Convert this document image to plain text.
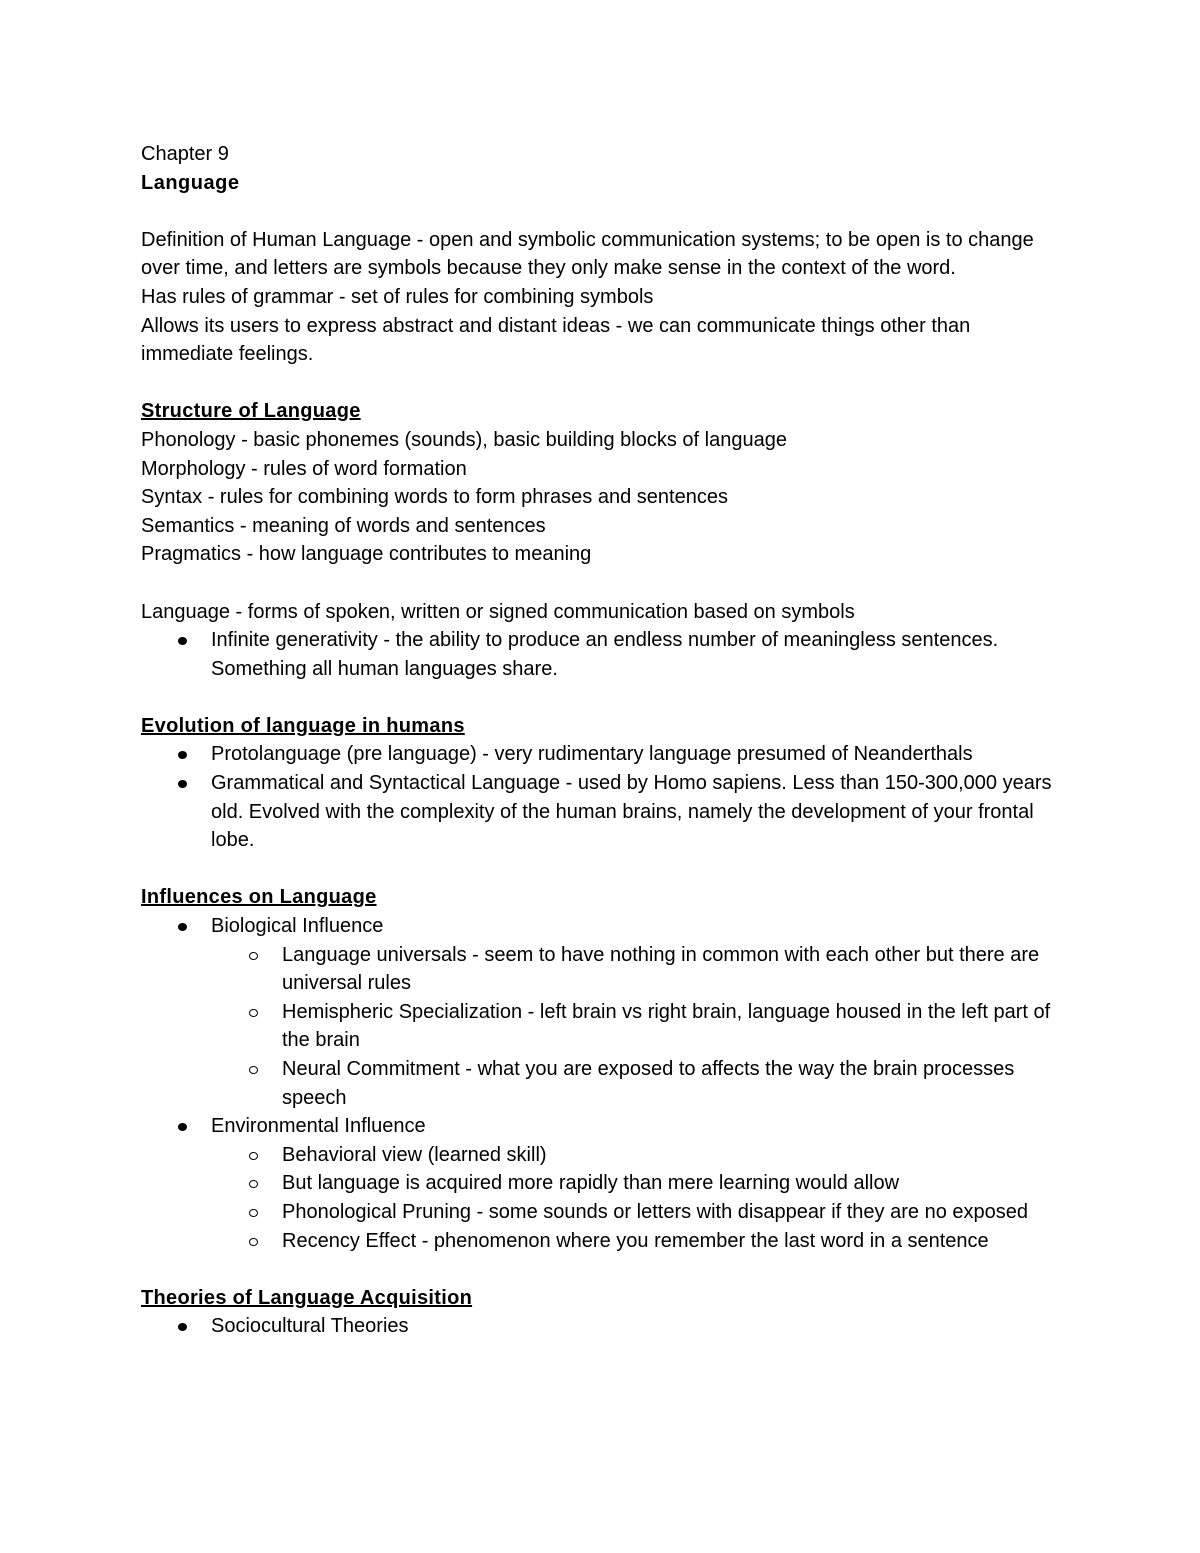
Chapter 9

Language

Definition of Human Language - open and symbolic communication systems; to be open is to change over time, and letters are symbols because they only make sense in the context of the word.

Has rules of grammar - set of rules for combining symbols

Allows its users to express abstract and distant ideas - we can communicate things other than immediate feelings.

Structure of Language

Phonology - basic phonemes (sounds), basic building blocks of language

Morphology - rules of word formation

Syntax - rules for combining words to form phrases and sentences

Semantics - meaning of words and sentences

Pragmatics - how language contributes to meaning

Language - forms of spoken, written or signed communication based on symbols

Infinite generativity - the ability to produce an endless number of meaningless sentences. Something all human languages share.

Evolution of language in humans

Protolanguage (pre language) - very rudimentary language presumed of Neanderthals
Grammatical and Syntactical Language - used by Homo sapiens. Less than 150-300,000 years old. Evolved with the complexity of the human brains, namely the development of your frontal lobe.

Influences on Language

Biological Influence
Language universals - seem to have nothing in common with each other but there are universal rules
Hemispheric Specialization - left brain vs right brain, language housed in the left part of the brain
Neural Commitment - what you are exposed to affects the way the brain processes speech
Environmental Influence
Behavioral view (learned skill)
But language is acquired more rapidly than mere learning would allow
Phonological Pruning - some sounds or letters with disappear if they are no exposed
Recency Effect - phenomenon where you remember the last word in a sentence

Theories of Language Acquisition

Sociocultural Theories
